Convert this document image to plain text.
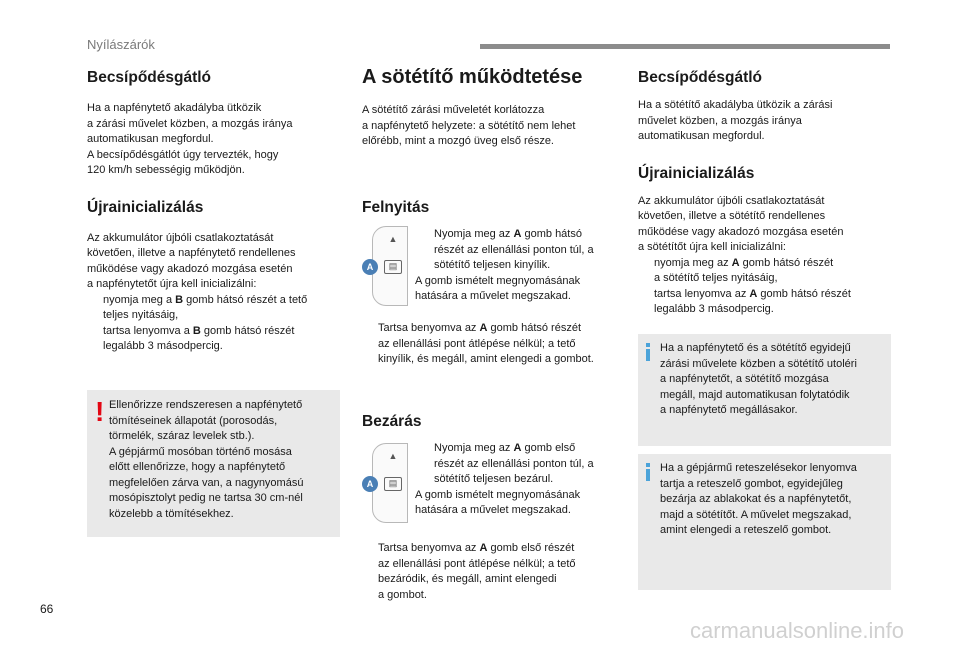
Nyílászárók
Becsípődésgátló
Ha a napfénytető akadályba ütközik
a zárási művelet közben, a mozgás iránya
automatikusan megfordul.
A becsípődésgátlót úgy tervezték, hogy
120 km/h sebességig működjön.
Újrainicializálás
Az akkumulátor újbóli csatlakoztatását
követően, illetve a napfénytető rendellenes
működése vagy akadozó mozgása esetén
a napfénytetőt újra kell inicializálni:
nyomja meg a B gomb hátsó részét a tető
teljes nyitásáig,
tartsa lenyomva a B gomb hátsó részét
legalább 3 másodpercig.
! Ellenőrizze rendszeresen a napfénytető
tömítéseinek állapotát (porosodás,
törmelék, száraz levelek stb.).
A gépjármű mosóban történő mosása
előtt ellenőrizze, hogy a napfénytető
megfelelően zárva van, a nagynyomású
mosópisztolyt pedig ne tartsa 30 cm-nél
közelebb a tömítésekhez.
A sötétítő működtetése
A sötétítő zárási műveletét korlátozza
a napfénytető helyzete: a sötétítő nem lehet
előrébb, mint a mozgó üveg első része.
Felnyitás
▲
▤
A
Nyomja meg az A gomb hátsó
részét az ellenállási ponton túl, a
sötétítő teljesen kinyílik.
A gomb ismételt megnyomásának
hatására a művelet megszakad.
Tartsa benyomva az A gomb hátsó részét
az ellenállási pont átlépése nélkül; a tető
kinyílik, és megáll, amint elengedi a gombot.
Bezárás
▲
▤
A
Nyomja meg az A gomb első
részét az ellenállási ponton túl, a
sötétítő teljesen bezárul.
A gomb ismételt megnyomásának
hatására a művelet megszakad.
Tartsa benyomva az A gomb első részét
az ellenállási pont átlépése nélkül; a tető
bezáródik, és megáll, amint elengedi
a gombot.
Becsípődésgátló
Ha a sötétítő akadályba ütközik a zárási
művelet közben, a mozgás iránya
automatikusan megfordul.
Újrainicializálás
Az akkumulátor újbóli csatlakoztatását
követően, illetve a sötétítő rendellenes
működése vagy akadozó mozgása esetén
a sötétítőt újra kell inicializálni:
nyomja meg az A gomb hátsó részét
a sötétítő teljes nyitásáig,
tartsa lenyomva az A gomb hátsó részét
legalább 3 másodpercig.
Ha a napfénytető és a sötétítő egyidejű
zárási művelete közben a sötétítő utoléri
a napfénytetőt, a sötétítő mozgása
megáll, majd automatikusan folytatódik
a napfénytető megállásakor.
Ha a gépjármű reteszelésekor lenyomva
tartja a reteszelő gombot, egyidejűleg
bezárja az ablakokat és a napfénytetőt,
majd a sötétítőt. A művelet megszakad,
amint elengedi a reteszelő gombot.
66
carmanualsonline.info
